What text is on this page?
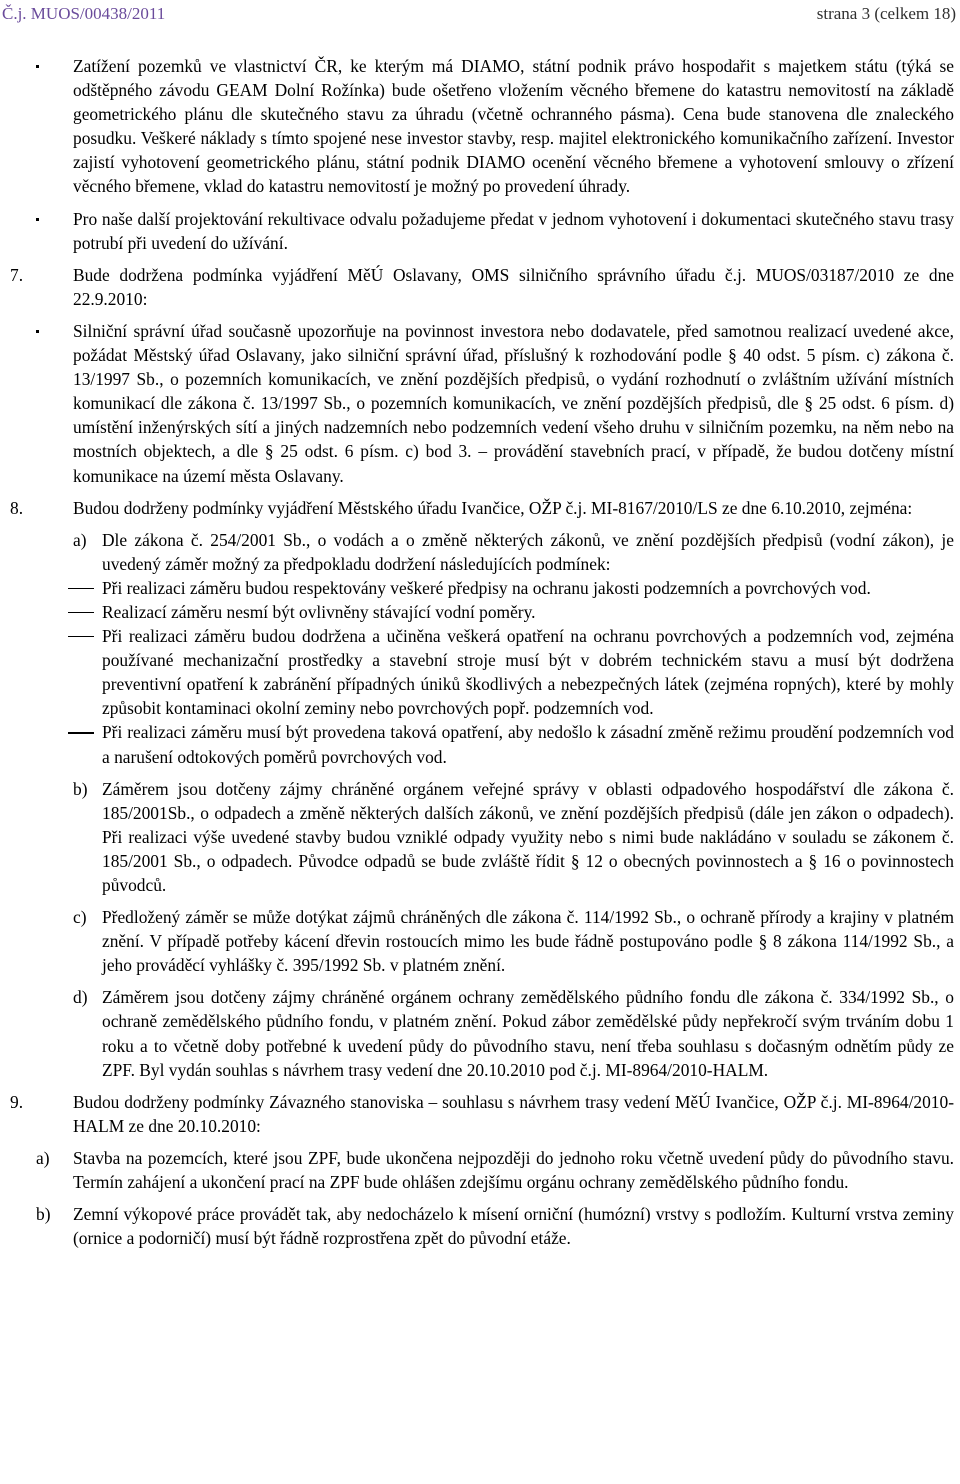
Č.j. MUOS/00438/2011	strana 3 (celkem 18)

Zatížení pozemků ve vlastnictví ČR, ke kterým má DIAMO, státní podnik právo hospodařit s majetkem státu (týká se odštěpného závodu GEAM Dolní Rožínka) bude ošetřeno vložením věcného břemene do katastru nemovitostí na základě geometrického plánu dle skutečného stavu za úhradu (včetně ochranného pásma). Cena bude stanovena dle znaleckého posudku. Veškeré náklady s tímto spojené nese investor stavby, resp. majitel elektronického komunikačního zařízení. Investor zajistí vyhotovení geometrického plánu, státní podnik DIAMO ocenění věcného břemene a vyhotovení smlouvy o zřízení věcného břemene, vklad do katastru nemovitostí je možný po provedení úhrady.

Pro naše další projektování rekultivace odvalu požadujeme předat v jednom vyhotovení i dokumentaci skutečného stavu trasy potrubí při uvedení do užívání.

7.	Bude dodržena podmínka vyjádření MěÚ Oslavany, OMS silničního správního úřadu č.j. MUOS/03187/2010 ze dne 22.9.2010:

Silniční správní úřad současně upozorňuje na povinnost investora nebo dodavatele, před samotnou realizací uvedené akce, požádat Městský úřad Oslavany, jako silniční správní úřad, příslušný k rozhodování podle § 40 odst. 5 písm. c) zákona č. 13/1997 Sb., o pozemních komunikacích, ve znění pozdějších předpisů, o vydání rozhodnutí o zvláštním užívání místních komunikací dle zákona č. 13/1997 Sb., o pozemních komunikacích, ve znění pozdějších předpisů, dle § 25 odst. 6 písm. d) umístění inženýrských sítí a jiných nadzemních nebo podzemních vedení všeho druhu v silničním pozemku, na něm nebo na mostních objektech, a dle § 25 odst. 6 písm. c) bod 3. – provádění stavebních prací, v případě, že budou dotčeny místní komunikace na území města Oslavany.

8.	Budou dodrženy podmínky vyjádření Městského úřadu Ivančice, OŽP č.j. MI-8167/2010/LS ze dne 6.10.2010, zejména:
a) Dle zákona č. 254/2001 Sb., o vodách a o změně některých zákonů, ve znění pozdějších předpisů (vodní zákon), je uvedený záměr možný za předpokladu dodržení následujících podmínek:

Při realizaci záměru budou respektovány veškeré předpisy na ochranu jakosti podzemních a povrchových vod.

Realizací záměru nesmí být ovlivněny stávající vodní poměry.

Při realizaci záměru budou dodržena a učiněna veškerá opatření na ochranu povrchových a podzemních vod, zejména používané mechanizační prostředky a stavební stroje musí být v dobrém technickém stavu a musí být dodržena preventivní opatření k zabránění případných úniků škodlivých a nebezpečných látek (zejména ropných), které by mohly způsobit kontaminaci okolní zeminy nebo povrchových popř. podzemních vod.

Při realizaci záměru musí být provedena taková opatření, aby nedošlo k zásadní změně režimu proudění podzemních vod a narušení odtokových poměrů povrchových vod.

b) Záměrem jsou dotčeny zájmy chráněné orgánem veřejné správy v oblasti odpadového hospodářství dle zákona č. 185/2001Sb., o odpadech a změně některých dalších zákonů, ve znění pozdějších předpisů (dále jen zákon o odpadech). Při realizaci výše uvedené stavby budou vzniklé odpady využity nebo s nimi bude nakládáno v souladu se zákonem č. 185/2001 Sb., o odpadech. Původce odpadů se bude zvláště řídit § 12 o obecných povinnostech a § 16 o povinnostech původců.
c) Předložený záměr se může dotýkat zájmů chráněných dle zákona č. 114/1992 Sb., o ochraně přírody a krajiny v platném znění. V případě potřeby kácení dřevin rostoucích mimo les bude řádně postupováno podle § 8 zákona 114/1992 Sb., a jeho prováděcí vyhlášky č. 395/1992 Sb. v platném znění.
d) Záměrem jsou dotčeny zájmy chráněné orgánem ochrany zemědělského půdního fondu dle zákona č. 334/1992 Sb., o ochraně zemědělského půdního fondu, v platném znění. Pokud zábor zemědělské půdy nepřekročí svým trváním dobu 1 roku a to včetně doby potřebné k uvedení půdy do původního stavu, není třeba souhlasu s dočasným odnětím půdy ze ZPF. Byl vydán souhlas s návrhem trasy vedení dne 20.10.2010 pod č.j. MI-8964/2010-HALM.
9.	Budou dodrženy podmínky Závazného stanoviska – souhlasu s návrhem trasy vedení MěÚ Ivančice, OŽP č.j. MI-8964/2010-HALM ze dne 20.10.2010:
a) Stavba na pozemcích, které jsou ZPF, bude ukončena nejpozději do jednoho roku včetně uvedení půdy do původního stavu. Termín zahájení a ukončení prací na ZPF bude ohlášen zdejšímu orgánu ochrany zemědělského půdního fondu.
b) Zemní výkopové práce provádět tak, aby nedocházelo k mísení orniční (humózní) vrstvy s podložím. Kulturní vrstva zeminy (ornice a podorničí) musí být řádně rozprostřena zpět do původní etáže.
